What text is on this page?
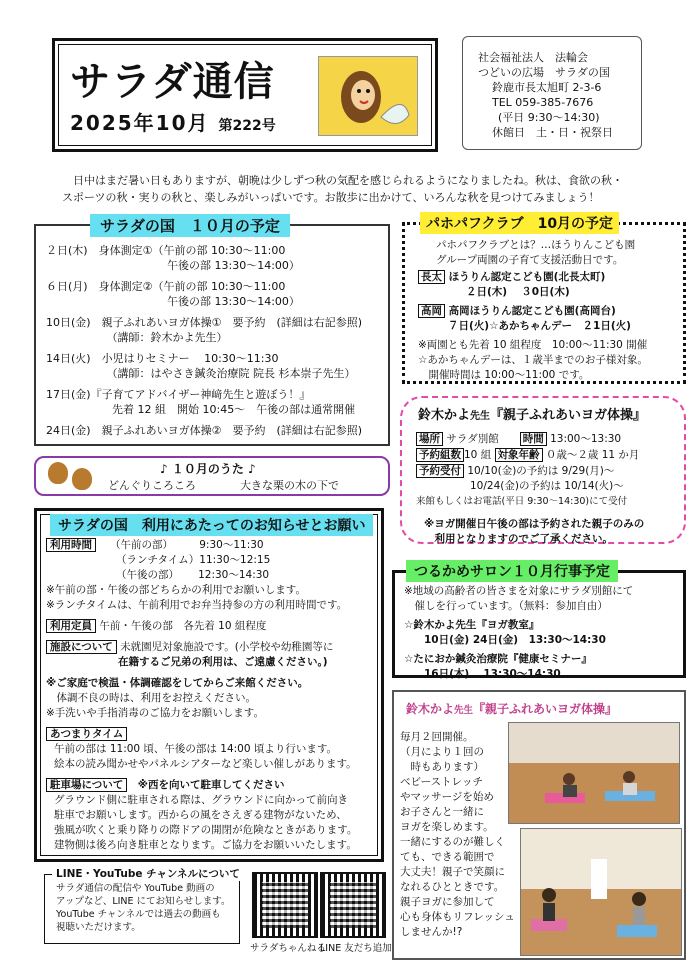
サラダ通信
2025年10月 第222号
社会福祉法人　法輪会
つどいの広場　サラダの国
鈴鹿市長太旭町 2-3-6
TEL 059-385-7676
(平日 9:30～14:30)
休館日　土・日・祝祭日
　日中はまだ暑い日もありますが、朝晩は少しずつ秋の気配を感じられるようになりましたね。秋は、食欲の秋・
スポーツの秋・実りの秋と、楽しみがいっぱいです。お散歩に出かけて、いろんな秋を見つけてみましょう！
サラダの国　１０月の予定
２日(木)　身体測定①（午前の部 10:30～11:00
　　　　　　　　　　　午後の部 13:30～14:00）
６日(月)　身体測定②（午前の部 10:30～11:00
　　　　　　　　　　　午後の部 13:30～14:00）
10日(金)　親子ふれあいヨガ体操①　要予約　(詳細は右記参照)
　　　　　　（講師：鈴木かよ先生）
14日(火)　小児はりセミナー　 10:30～11:30
　　　　　　（講師：はやさき鍼灸治療院 院長 杉本崇子先生）
17日(金)『子育てアドバイザー神﨑先生と遊ぼう！』
　　　　　　先着 12 組　開始 10:45～　午後の部は通常開催
24日(金)　親子ふれあいヨガ体操②　要予約　(詳細は右記参照)
パホパフクラブ　10月の予定
パホパフクラブとは？…ほうりんこども園
グループ両園の子育て支援活動日です。
長太 ほうりん認定こども園(北長太町)
２日(木)　 ３0日(木)
高岡 高岡ほうりん認定こども園(高岡台)
７日(火)☆あかちゃんデー　２1日(火)
※両園とも先着 10 組程度　10:00～11:30 開催
☆あかちゃんデーは、１歳半までのお子様対象。
　開催時間は 10:00～11:00 です。
鈴木かよ先生『親子ふれあいヨガ体操』
場所 サラダ別館　　 時間 13:00～13:30
予約組数 10 組 対象年齢 ０歳～２歳 11 か月
予約受付 10/10(金)の予約は 9/29(月)～
10/24(金)の予約は 10/14(火)～
来館もしくはお電話(平日 9:30～14:30)にて受付
※ヨガ開催日午後の部は予約された親子のみの
　利用となりますのでご了承ください。
♪ １０月のうた ♪
どんぐりころころ	大きな栗の木の下で
サラダの国　利用にあたってのお知らせとお願い
利用時間 （午前の部）　　　9:30～11:30
（ランチタイム）11:30～12:15
（午後の部）　　 12:30～14:30
※午前の部・午後の部どちらかの利用でお願いします。
※ランチタイムは、午前利用でお弁当持参の方の利用時間です。
利用定員 午前・午後の部　各先着 10 組程度
施設について 未就園児対象施設です。(小学校や幼稚園等に
在籍するご兄弟の利用は、ご遠慮ください。)
※ご家庭で検温・体調確認をしてからご来館ください。
　体調不良の時は、利用をお控えください。
※手洗いや手指消毒のご協力をお願いします。
あつまりタイム
午前の部は 11:00 頃、午後の部は 14:00 頃より行います。
絵本の読み聞かせやパネルシアターなど楽しい催しがあります。
駐車場について　 ※西を向いて駐車してください
グラウンド側に駐車される際は、グラウンドに向かって前向き
駐車でお願いします。西からの風をさえぎる建物がないため、
強風が吹くと乗り降りの際ドアの開閉が危険なときがあります。
建物側は後ろ向き駐車となります。ご協力をお願いいたします。
つるかめサロン１０月行事予定
※地域の高齢者の皆さまを対象にサラダ別館にて
　催しを行っています。（無料：参加自由）
☆鈴木かよ先生『ヨガ教室』
10日(金) 24日(金)　13:30～14:30
☆たにおか鍼灸治療院『健康セミナー』
16日(木)　 13:30～14:30
鈴木かよ先生『親子ふれあいヨガ体操』
毎月２回開催。
（月により１回の
　時もあります）
ベビーストレッチ
やマッサージを始め
お子さんと一緒に
ヨガを楽しめます。
一緒にするのが難しく
ても、できる範囲で
大丈夫！親子で笑顔に
なれるひとときです。
親子ヨガに参加して
心も身体もリフレッシュ
しませんか!?
LINE・YouTube チャンネルについて
サラダ通信の配信や YouTube 動画の
アップなど、LINE にてお知らせします。
YouTube チャンネルでは過去の動画も
視聴いただけます。
サラダちゃんねる
LINE 友だち追加
